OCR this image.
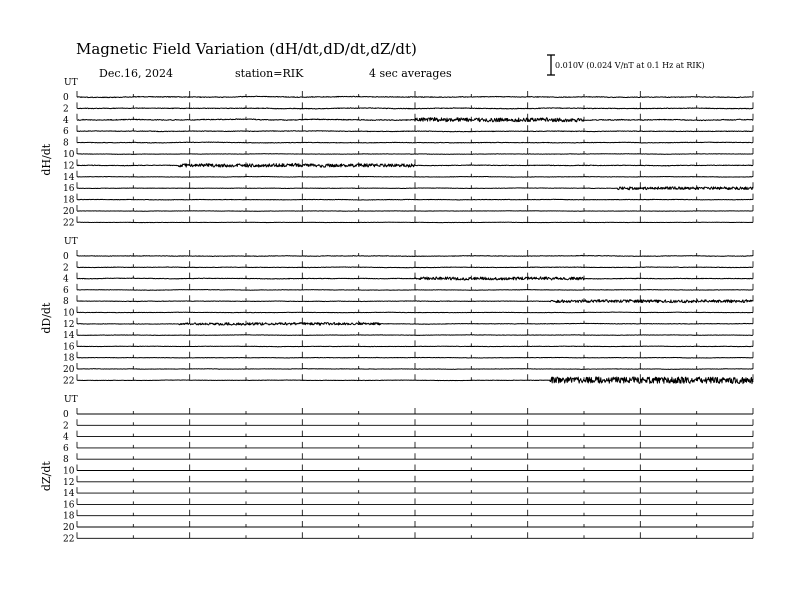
Magnetic Field Variation (dH/dt,dD/dt,dZ/dt)
Dec.16, 2024	station=RIK	4 sec averages
0.010V (0.024 V/nT at 0.1 Hz at RIK)
UT
dH/dt
0
2
4
6
8
10
12
14
16
18
20
22
UT
dD/dt
0
2
4
6
8
10
12
14
16
18
20
22
UT
dZ/dt
0
2
4
6
8
10
12
14
16
18
20
22
